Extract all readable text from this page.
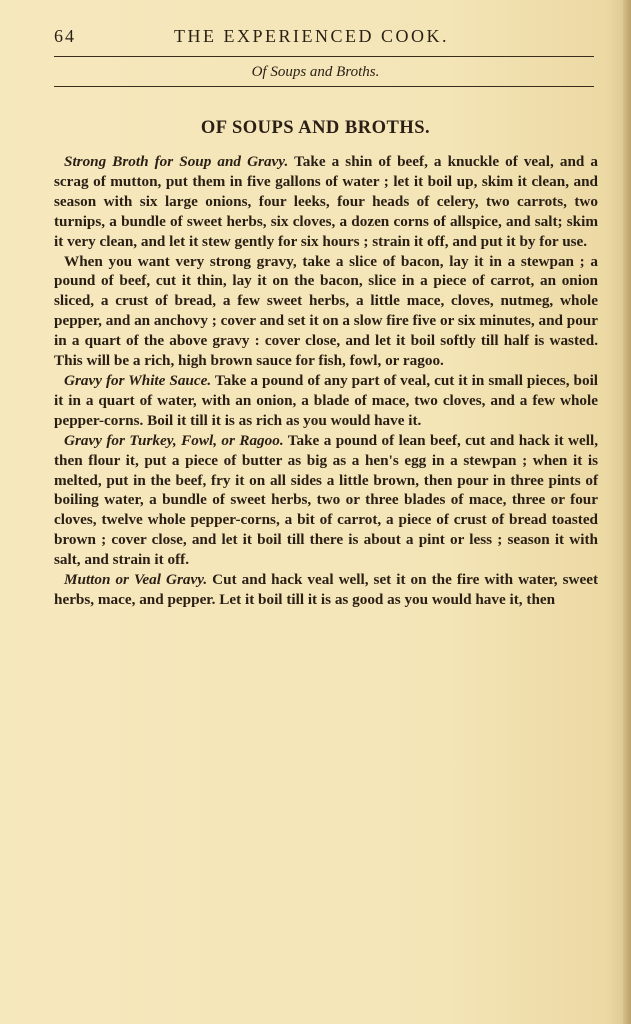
64	THE EXPERIENCED COOK.
Of Soups and Broths.
OF SOUPS AND BROTHS.

Strong Broth for Soup and Gravy. Take a shin of beef, a knuckle of veal, and a scrag of mutton, put them in five gallons of water ; let it boil up, skim it clean, and season with six large onions, four leeks, four heads of celery, two carrots, two turnips, a bundle of sweet herbs, six cloves, a dozen corns of allspice, and salt; skim it very clean, and let it stew gently for six hours ; strain it off, and put it by for use.

When you want very strong gravy, take a slice of bacon, lay it in a stewpan ; a pound of beef, cut it thin, lay it on the bacon, slice in a piece of carrot, an onion sliced, a crust of bread, a few sweet herbs, a little mace, cloves, nutmeg, whole pepper, and an anchovy ; cover and set it on a slow fire five or six minutes, and pour in a quart of the above gravy : cover close, and let it boil softly till half is wasted. This will be a rich, high brown sauce for fish, fowl, or ragoo.

Gravy for White Sauce. Take a pound of any part of veal, cut it in small pieces, boil it in a quart of water, with an onion, a blade of mace, two cloves, and a few whole pepper-corns. Boil it till it is as rich as you would have it.

Gravy for Turkey, Fowl, or Ragoo. Take a pound of lean beef, cut and hack it well, then flour it, put a piece of butter as big as a hen's egg in a stewpan ; when it is melted, put in the beef, fry it on all sides a little brown, then pour in three pints of boiling water, a bundle of sweet herbs, two or three blades of mace, three or four cloves, twelve whole pepper-corns, a bit of carrot, a piece of crust of bread toasted brown ; cover close, and let it boil till there is about a pint or less ; season it with salt, and strain it off.

Mutton or Veal Gravy. Cut and hack veal well, set it on the fire with water, sweet herbs, mace, and pepper. Let it boil till it is as good as you would have it, then
